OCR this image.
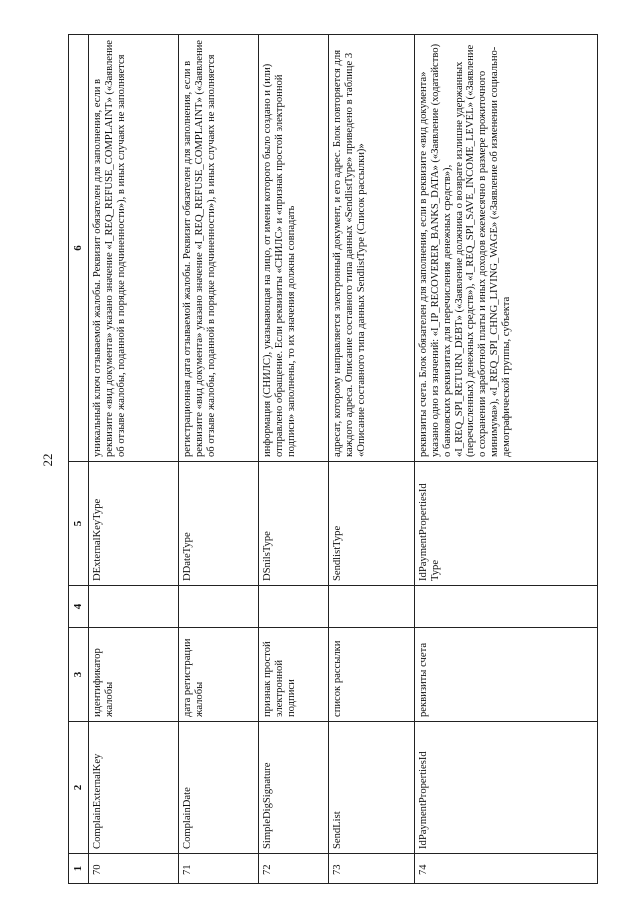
22
1	2	3	4	5	6
70	ComplainExternalKey	идентификатор жалобы		DExternalKeyType	уникальный ключ отзываемой жалобы. Реквизит обязателен для заполнения, если в реквизите «вид документа» указано значение «I_REQ_REFUSE_COMPLAINT» («Заявление об отзыве жалобы, поданной в порядке подчиненности»), в иных случаях не заполняется
71	ComplainDate	дата регистрации жалобы		DDateType	регистрационная дата отзываемой жалобы. Реквизит обязателен для заполнения, если в реквизите «вид документа» указано значение «I_REQ_REFUSE_COMPLAINT» («Заявление об отзыве жалобы, поданной в порядке подчиненности»), в иных случаях не заполняется
72	SimpleDigSignature	признак простой электронной подписи		DSnilsType	информация (СНИЛС), указывающая на лицо, от имени которого было создано и (или) отправлено обращение. Если реквизиты «СНИЛС» и «признак простой электронной подписи» заполнены, то их значения должны совпадать
73	SendList	список рассылки		SendlistType	адресат, которому направляется электронный документ, и его адрес. Блок повторяется для каждого адреса. Описание составного типа данных «SendlistType» приведено в таблице 3 «Описание составного типа данных SendlistType (Список рассылки)»
74	IdPaymentPropertiesId	реквизиты счета		IdPaymentPropertiesId Type	реквизиты счета. Блок обязателен для заполнения, если в реквизите «вид документа» указано одно из значений: «I_IP_RECOVERER_BANKS_DATA» («Заявление (ходатайство) о банковских реквизитах для перечисления денежных средств»), «I_REQ_SPI_RETURN_DEBT» («Заявление должника о возврате излишне удержанных (перечисленных) денежных средств»), «I_REQ_SPI_SAVE_INCOME_LEVEL» («Заявление о сохранении заработной платы и иных доходов ежемесячно в размере прожиточного минимума»), «I_REQ_SPI_CHNG_LIVING_WAGE» («Заявление об изменении социально-демографической группы, субъекта
